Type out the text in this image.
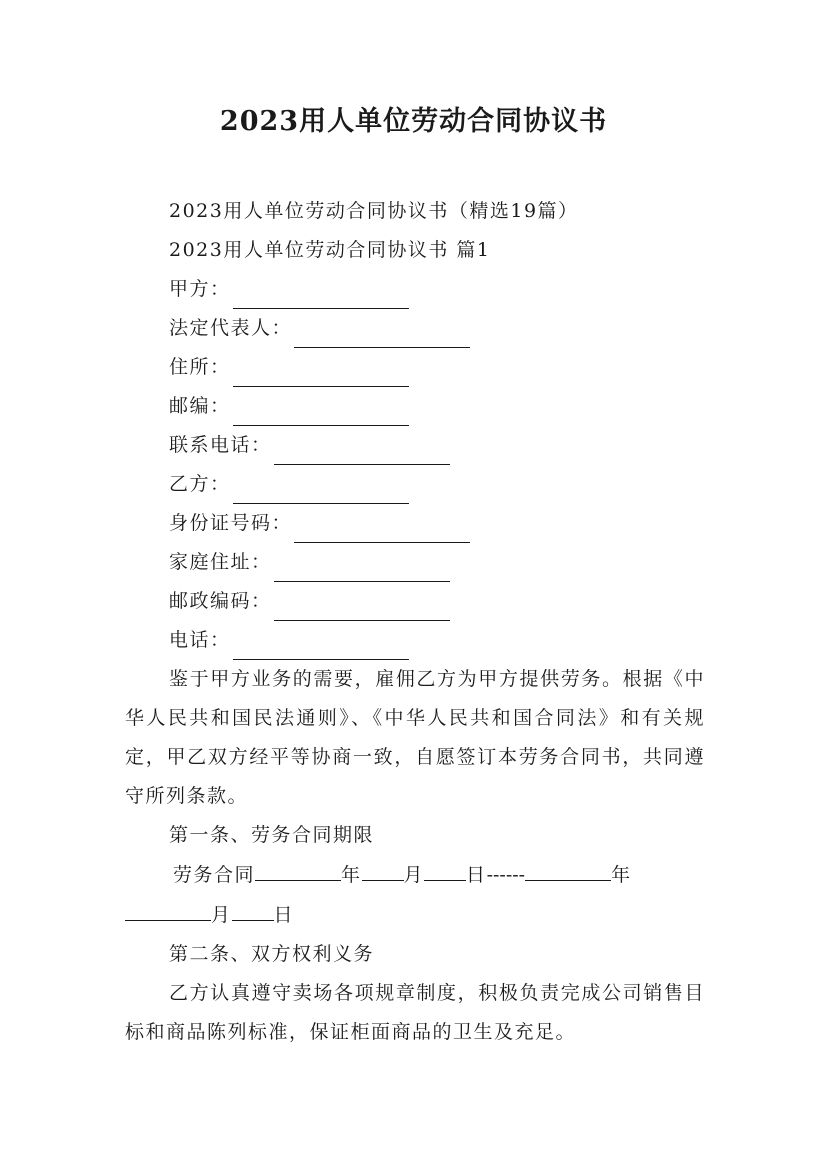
2023用人单位劳动合同协议书
2023用人单位劳动合同协议书（精选19篇）
2023用人单位劳动合同协议书 篇1
甲方：
法定代表人：
住所：
邮编：
联系电话：
乙方：
身份证号码：
家庭住址：
邮政编码：
电话：
鉴于甲方业务的需要，雇佣乙方为甲方提供劳务。根据《中华人民共和国民法通则》、《中华人民共和国合同法》和有关规定，甲乙双方经平等协商一致，自愿签订本劳务合同书，共同遵守所列条款。
第一条、劳务合同期限
劳务合同	年 月 日------	年
月 日
第二条、双方权利义务
乙方认真遵守卖场各项规章制度，积极负责完成公司销售目标和商品陈列标准，保证柜面商品的卫生及充足。
